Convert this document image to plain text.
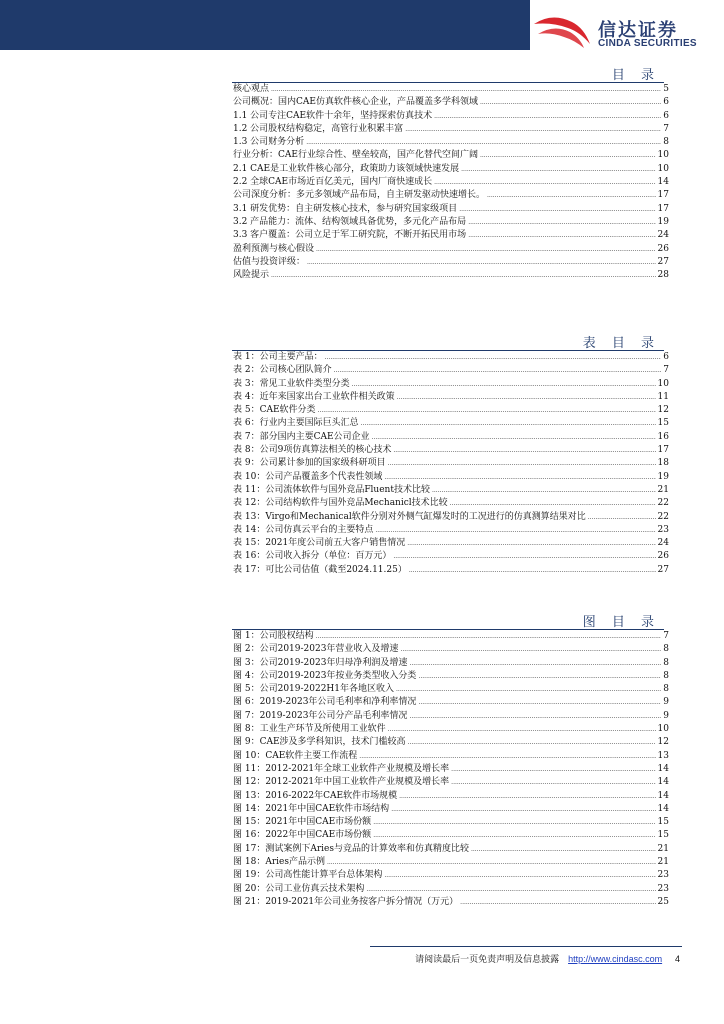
信达证券
CINDA SECURITIES
目 录
核心观点 .....	5
公司概况：国内CAE仿真软件核心企业，产品覆盖多学科领域 .....	6
1.1 公司专注CAE软件十余年，坚持探索仿真技术 .....	6
1.2 公司股权结构稳定，高管行业积累丰富 .....	7
1.3 公司财务分析 .....	8
行业分析：CAE行业综合性、壁垒较高，国产化替代空间广阔 .....	10
2.1 CAE是工业软件核心部分，政策助力该领域快速发展 .....	10
2.2 全球CAE市场近百亿美元，国内厂商快速成长 .....	14
公司深度分析：多元多领域产品布局，自主研发驱动快速增长。 .....	17
3.1 研发优势：自主研发核心技术，参与研究国家级项目 .....	17
3.2 产品能力：流体、结构领域具备优势，多元化产品布局 .....	19
3.3 客户覆盖：公司立足于军工研究院，不断开拓民用市场 .....	24
盈利预测与核心假设 .....	26
估值与投资评级： .....	27
风险提示 .....	28
表 目 录
表 1：公司主要产品： .....	6
表 2：公司核心团队简介 .....	7
表 3：常见工业软件类型分类 .....	10
表 4：近年来国家出台工业软件相关政策 .....	11
表 5：CAE软件分类 .....	12
表 6：行业内主要国际巨头汇总 .....	15
表 7：部分国内主要CAE公司企业 .....	16
表 8：公司9项仿真算法相关的核心技术 .....	17
表 9：公司累计参加的国家级科研项目 .....	18
表 10：公司产品覆盖多个代表性领域 .....	19
表 11：公司流体软件与国外竞品Fluent技术比较 .....	21
表 12：公司结构软件与国外竞品Mechanicl技术比较 .....	22
表 13：Virgo和Mechanical软件分别对外侧气缸爆发时的工况进行的仿真测算结果对比 .....	22
表 14：公司仿真云平台的主要特点 .....	23
表 15：2021年度公司前五大客户销售情况 .....	24
表 16：公司收入拆分（单位：百万元） .....	26
表 17：可比公司估值（截至2024.11.25） .....	27
图 目 录
图 1：公司股权结构 .....	7
图 2：公司2019-2023年营业收入及增速 .....	8
图 3：公司2019-2023年归母净利润及增速 .....	8
图 4：公司2019-2023年按业务类型收入分类 .....	8
图 5：公司2019-2022H1年各地区收入 .....	8
图 6：2019-2023年公司毛利率和净利率情况 .....	9
图 7：2019-2023年公司分产品毛利率情况 .....	9
图 8：工业生产环节及所使用工业软件 .....	10
图 9：CAE涉及多学科知识，技术门槛较高 .....	12
图 10：CAE软件主要工作流程 .....	13
图 11：2012-2021年全球工业软件产业规模及增长率 .....	14
图 12：2012-2021年中国工业软件产业规模及增长率 .....	14
图 13：2016-2022年CAE软件市场规模 .....	14
图 14：2021年中国CAE软件市场结构 .....	14
图 15：2021年中国CAE市场份额 .....	15
图 16：2022年中国CAE市场份额 .....	15
图 17：测试案例下Aries与竞品的计算效率和仿真精度比较 .....	21
图 18：Aries产品示例 .....	21
图 19：公司高性能计算平台总体架构 .....	23
图 20：公司工业仿真云技术架构 .....	23
图 21：2019-2021年公司业务按客户拆分情况（万元） .....	25
请阅读最后一页免责声明及信息披露 http://www.cindasc.com 4
